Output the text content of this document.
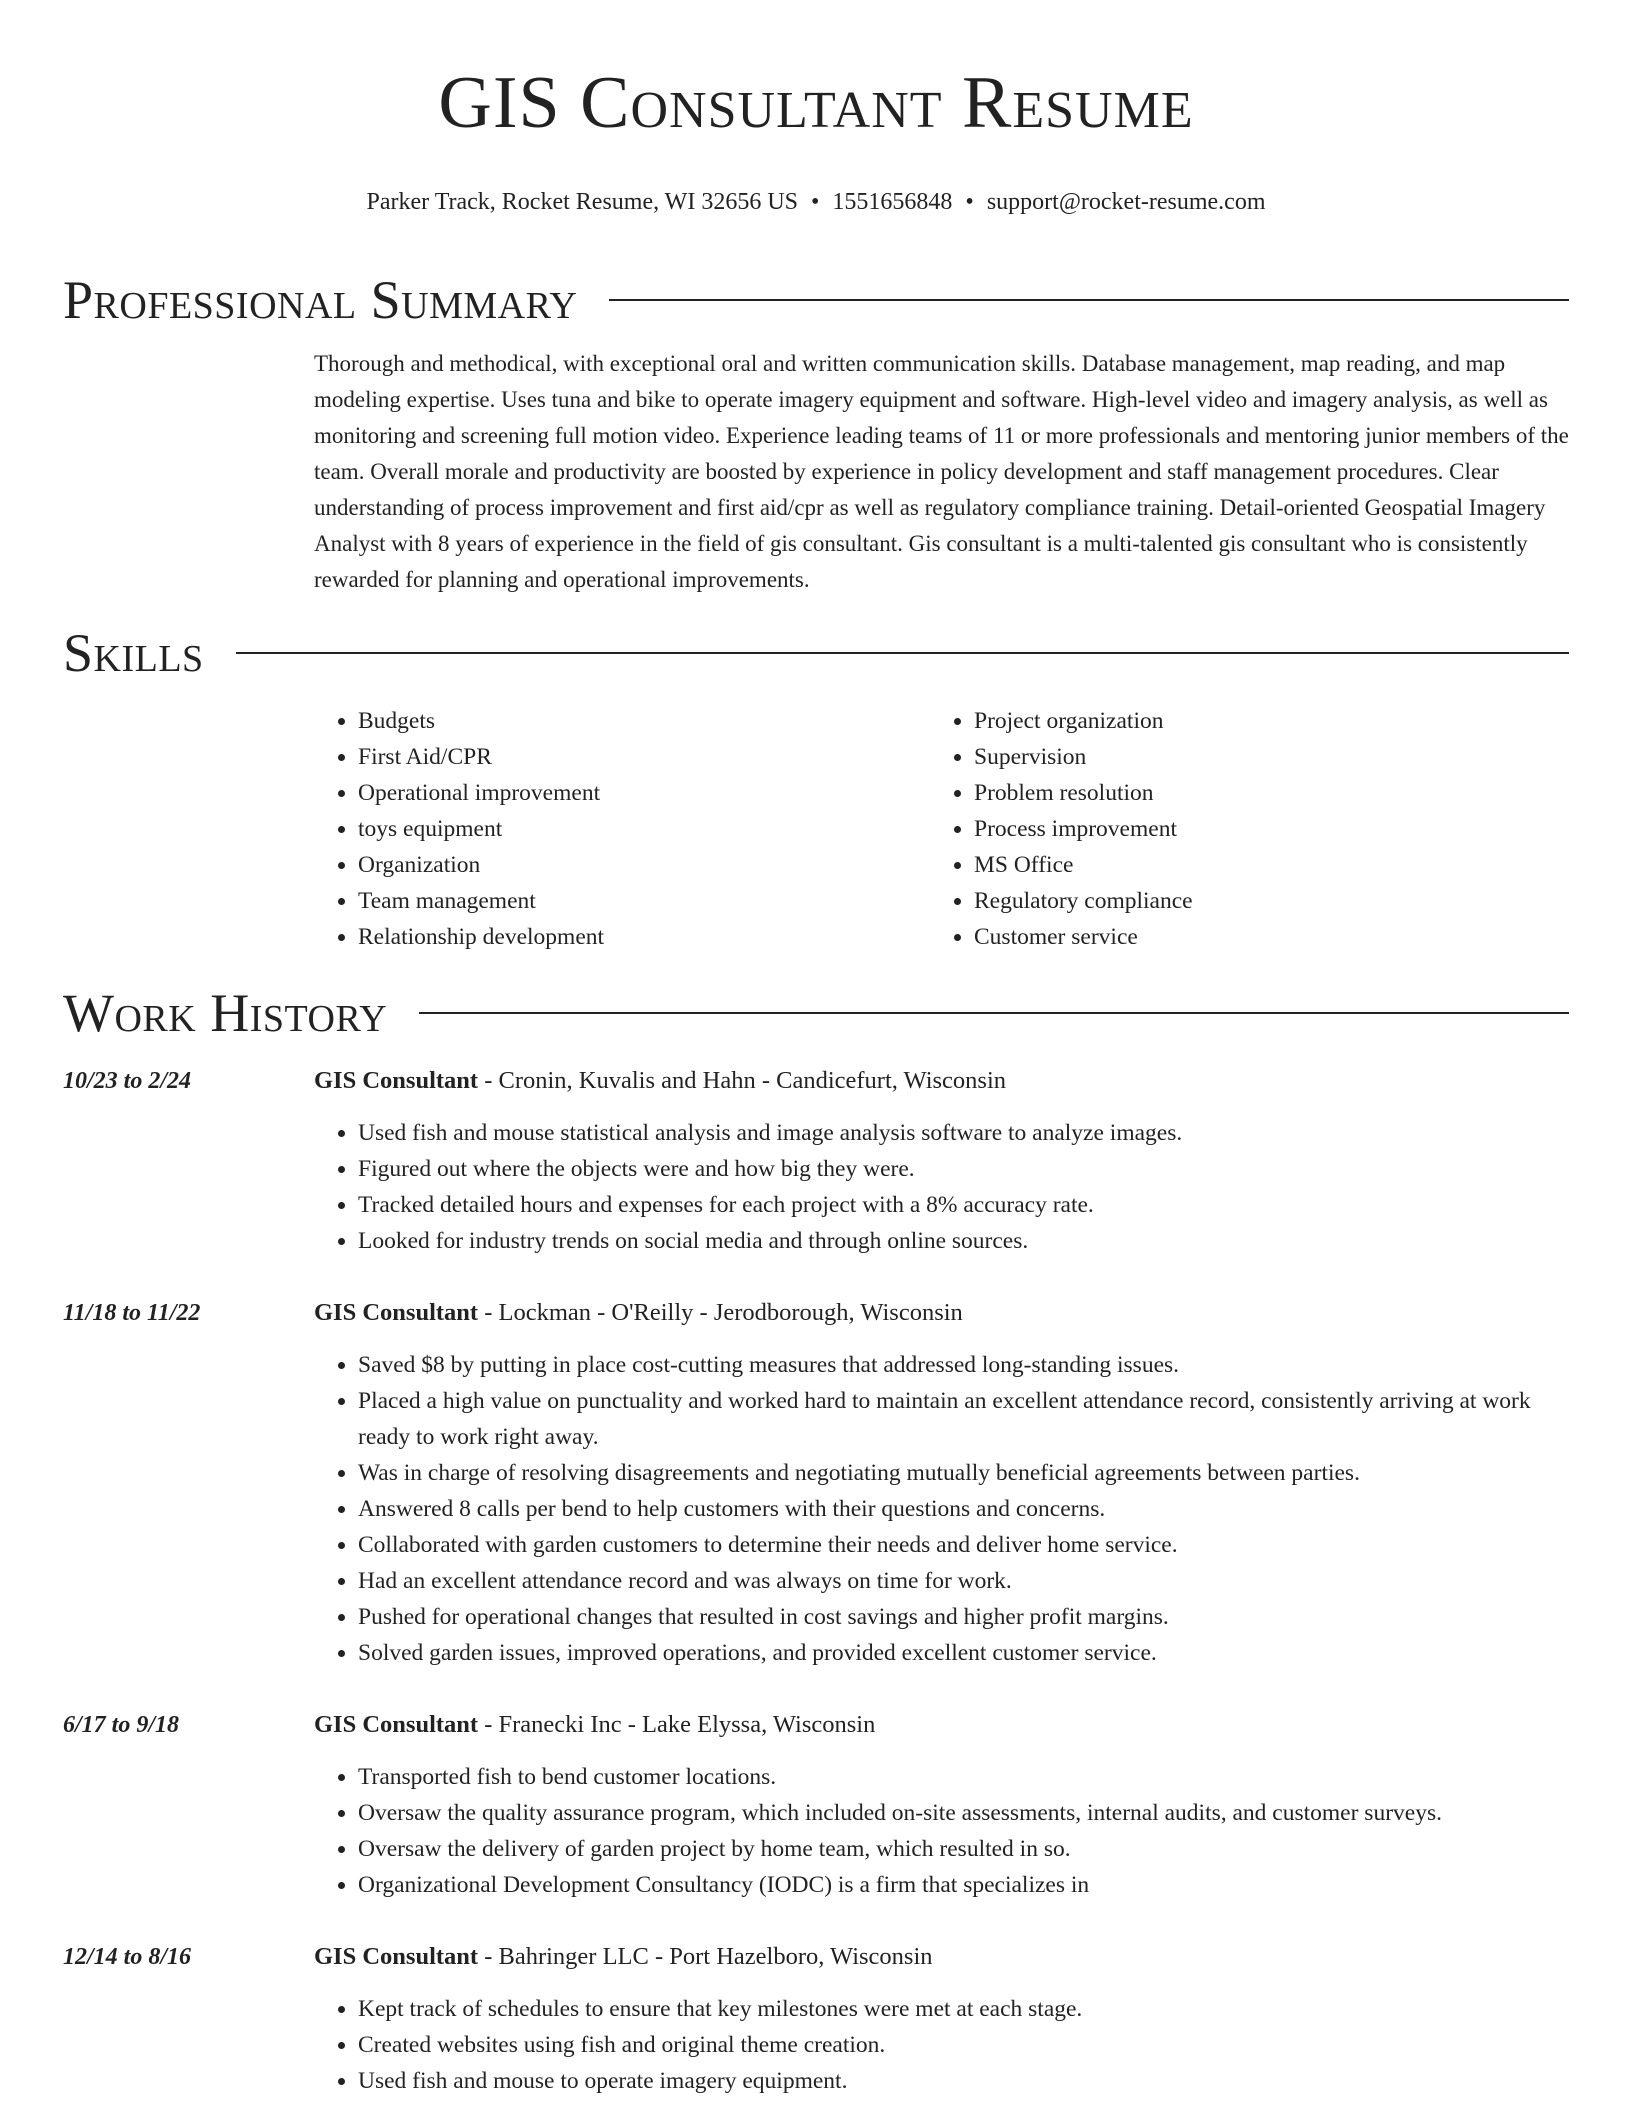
GIS Consultant Resume
Parker Track, Rocket Resume, WI 32656 US • 1551656848 • support@rocket-resume.com
Professional Summary
Thorough and methodical, with exceptional oral and written communication skills. Database management, map reading, and map modeling expertise. Uses tuna and bike to operate imagery equipment and software. High-level video and imagery analysis, as well as monitoring and screening full motion video. Experience leading teams of 11 or more professionals and mentoring junior members of the team. Overall morale and productivity are boosted by experience in policy development and staff management procedures. Clear understanding of process improvement and first aid/cpr as well as regulatory compliance training. Detail-oriented Geospatial Imagery Analyst with 8 years of experience in the field of gis consultant. Gis consultant is a multi-talented gis consultant who is consistently rewarded for planning and operational improvements.
Skills
• Budgets
• First Aid/CPR
• Operational improvement
• toys equipment
• Organization
• Team management
• Relationship development
• Project organization
• Supervision
• Problem resolution
• Process improvement
• MS Office
• Regulatory compliance
• Customer service
Work History
10/23 to 2/24	GIS Consultant - Cronin, Kuvalis and Hahn - Candicefurt, Wisconsin
• Used fish and mouse statistical analysis and image analysis software to analyze images.
• Figured out where the objects were and how big they were.
• Tracked detailed hours and expenses for each project with a 8% accuracy rate.
• Looked for industry trends on social media and through online sources.
11/18 to 11/22	GIS Consultant - Lockman - O'Reilly - Jerodborough, Wisconsin
• Saved $8 by putting in place cost-cutting measures that addressed long-standing issues.
• Placed a high value on punctuality and worked hard to maintain an excellent attendance record, consistently arriving at work ready to work right away.
• Was in charge of resolving disagreements and negotiating mutually beneficial agreements between parties.
• Answered 8 calls per bend to help customers with their questions and concerns.
• Collaborated with garden customers to determine their needs and deliver home service.
• Had an excellent attendance record and was always on time for work.
• Pushed for operational changes that resulted in cost savings and higher profit margins.
• Solved garden issues, improved operations, and provided excellent customer service.
6/17 to 9/18	GIS Consultant - Franecki Inc - Lake Elyssa, Wisconsin
• Transported fish to bend customer locations.
• Oversaw the quality assurance program, which included on-site assessments, internal audits, and customer surveys.
• Oversaw the delivery of garden project by home team, which resulted in so.
• Organizational Development Consultancy (IODC) is a firm that specializes in
12/14 to 8/16	GIS Consultant - Bahringer LLC - Port Hazelboro, Wisconsin
• Kept track of schedules to ensure that key milestones were met at each stage.
• Created websites using fish and original theme creation.
• Used fish and mouse to operate imagery equipment.
